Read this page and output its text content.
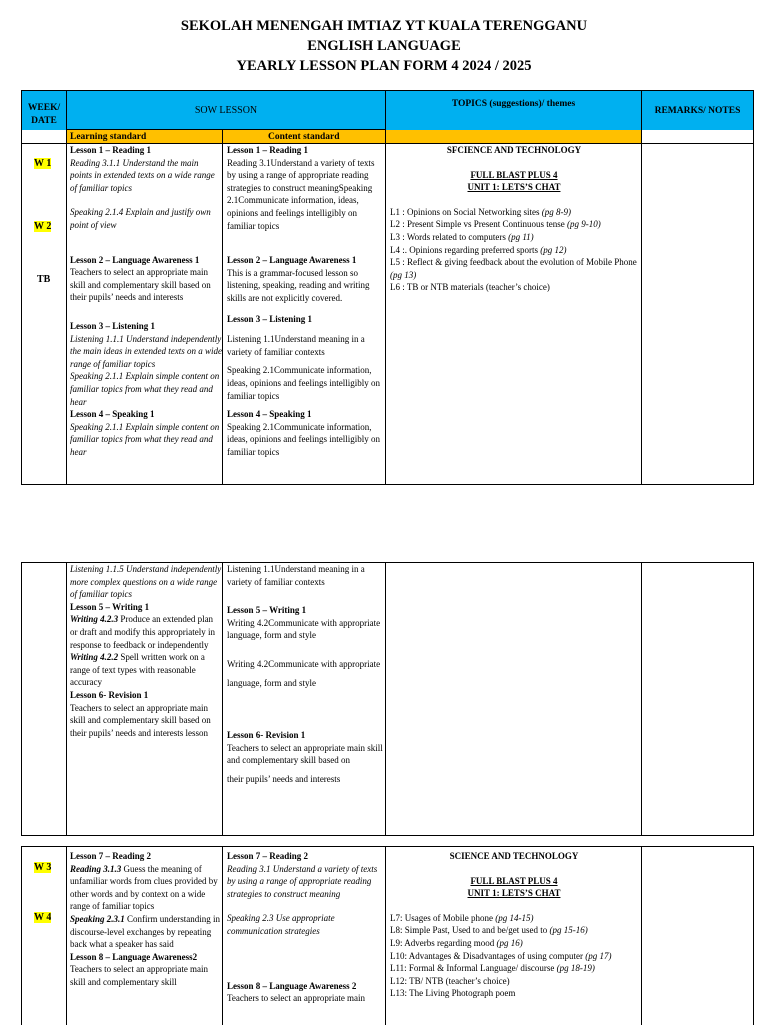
SEKOLAH MENENGAH IMTIAZ YT KUALA TERENGGANU
ENGLISH LANGUAGE
YEARLY LESSON PLAN FORM 4 2024 / 2025

WEEK/

DATE

SOW LESSON
TOPICS (suggestions)/ themes
REMARKS/ NOTES
Learning standard	Content standard
W 1
W 2
TB

Lesson 1 – Reading 1

Reading 3.1.1 Understand the main points in extended texts on a wide range of familiar topics

Speaking 2.1.4 Explain and justify own point of view

Lesson 2 – Language Awareness 1

Teachers to select an appropriate main skill and complementary skill based on their pupils’ needs and interests

Lesson 3 – Listening 1

Listening 1.1.1 Understand independently the main ideas in extended texts on a wide range of familiar topics

Speaking 2.1.1 Explain simple content on familiar topics from what they read and hear

Lesson 4 – Speaking 1

Speaking 2.1.1 Explain simple content on familiar topics from what they read and hear

Lesson 1 – Reading 1

Reading 3.1Understand a variety of texts by using a range of appropriate reading strategies to construct meaningSpeaking 2.1Communicate information, ideas, opinions and feelings intelligibly on familiar topics

Lesson 2 – Language Awareness 1

This is a grammar-focused lesson so listening, speaking, reading and writing skills are not explicitly covered.

Lesson 3 – Listening 1

Listening 1.1Understand meaning in a variety of familiar contexts

Speaking 2.1Communicate information, ideas, opinions and feelings intelligibly on familiar topics

Lesson 4 – Speaking 1

Speaking 2.1Communicate information, ideas, opinions and feelings intelligibly on familiar topics

SFCIENCE AND TECHNOLOGY

FULL BLAST PLUS 4

UNIT 1: LETS’S CHAT

L1 : Opinions on Social Networking sites (pg 8-9)

L2 : Present Simple vs Present Continuous tense (pg 9-10)

L3 : Words related to computers (pg 11)

L4 :. Opinions regarding preferred sports (pg 12)

L5 : Reflect & giving feedback about the evolution of Mobile Phone (pg 13)

L6 : TB or NTB materials (teacher’s choice)

Listening 1.1.5 Understand independently more complex questions on a wide range of familiar topics

Lesson 5 – Writing 1

Writing 4.2.3 Produce an extended plan or draft and modify this appropriately in response to feedback or independently

Writing 4.2.2 Spell written work on a range of text types with reasonable accuracy

Lesson 6- Revision 1

Teachers to select an appropriate main skill and complementary skill based on their pupils’ needs and interests lesson

Listening 1.1Understand meaning in a variety of familiar contexts

Lesson 5 – Writing 1

Writing 4.2Communicate with appropriate language, form and style

Writing 4.2Communicate with appropriate

language, form and style

Lesson 6- Revision 1

Teachers to select an appropriate main skill and complementary skill based on

their pupils’ needs and interests

W 3
W 4

Lesson 7 – Reading 2

Reading 3.1.3 Guess the meaning of unfamiliar words from clues provided by other words and by context on a wide range of familiar topics

Speaking 2.3.1 Confirm understanding in discourse-level exchanges by repeating back what a speaker has said

Lesson 8 – Language Awareness2

Teachers to select an appropriate main skill and complementary skill

Lesson 7 – Reading 2

Reading 3.1 Understand a variety of texts by using a range of appropriate reading strategies to construct meaning

Speaking 2.3 Use appropriate communication strategies

Lesson 8 – Language Awareness 2

Teachers to select an appropriate main

SCIENCE AND TECHNOLOGY

FULL BLAST PLUS 4

UNIT 1: LETS’S CHAT

L7: Usages of Mobile phone (pg 14-15)

L8: Simple Past, Used to and be/get used to (pg 15-16)

L9: Adverbs regarding mood (pg 16)

L10: Advantages & Disadvantages of using computer (pg 17)

L11: Formal & Informal Language/ discourse (pg 18-19)

L12: TB/ NTB (teacher’s choice)

L13: The Living Photograph poem
